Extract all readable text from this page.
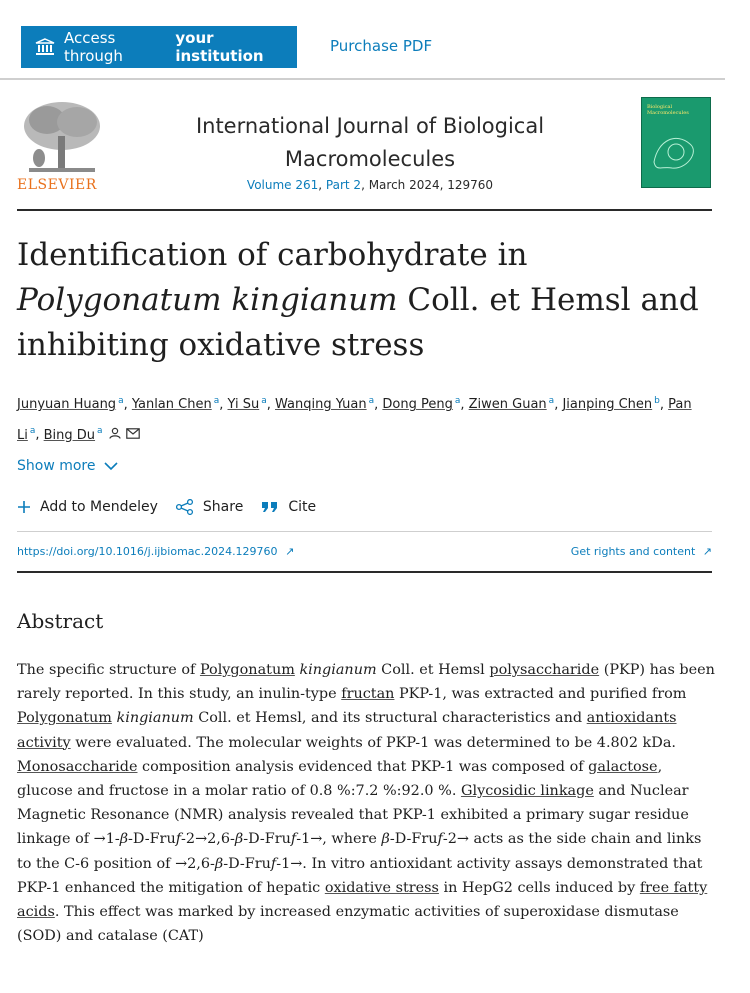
Access through
your institution
Purchase PDF
ELSEVIER
International Journal of Biological Macromolecules
Volume 261, Part 2, March 2024, 129760
Biological Macromolecules
Identification of carbohydrate in
Polygonatum kingianum Coll. et Hemsl and inhibiting oxidative stress
Junyuan Huang $^a$, Yanlan Chen $^a$, Yi Su $^a$, Wanqing Yuan $^a$, Dong Peng $^a$, Ziwen Guan $^a$, Jianping Chen $^b$, Pan Li $^a$, Bing Du $^a$
Show more
Add to Mendeley	Share	Cite
https://doi.org/10.1016/j.ijbiomac.2024.129760 ↗	Get rights and content ↗
Abstract
The specific structure of Polygonatum kingianum Coll. et Hemsl polysaccharide (PKP) has been rarely reported. In this study, an inulin-type fructan PKP-1, was extracted and purified from Polygonatum kingianum Coll. et Hemsl, and its structural characteristics and antioxidants activity were evaluated. The molecular weights of PKP-1 was determined to be 4.802 kDa. Monosaccharide composition analysis evidenced that PKP-1 was composed of galactose, glucose and fructose in a molar ratio of 0.8 %:7.2 %:92.0 %. Glycosidic linkage and Nuclear Magnetic Resonance (NMR) analysis revealed that PKP-1 exhibited a primary sugar residue linkage of →1-β-D-Fruf-2→2,6-β-D-Fruf-1→, where β-D-Fruf-2→ acts as the side chain and links to the C-6 position of →2,6-β-D-Fruf-1→. In vitro antioxidant activity assays demonstrated that PKP-1 enhanced the mitigation of hepatic oxidative stress in HepG2 cells induced by free fatty acids. This effect was marked by increased enzymatic activities of superoxidase dismutase (SOD) and catalase (CAT)
